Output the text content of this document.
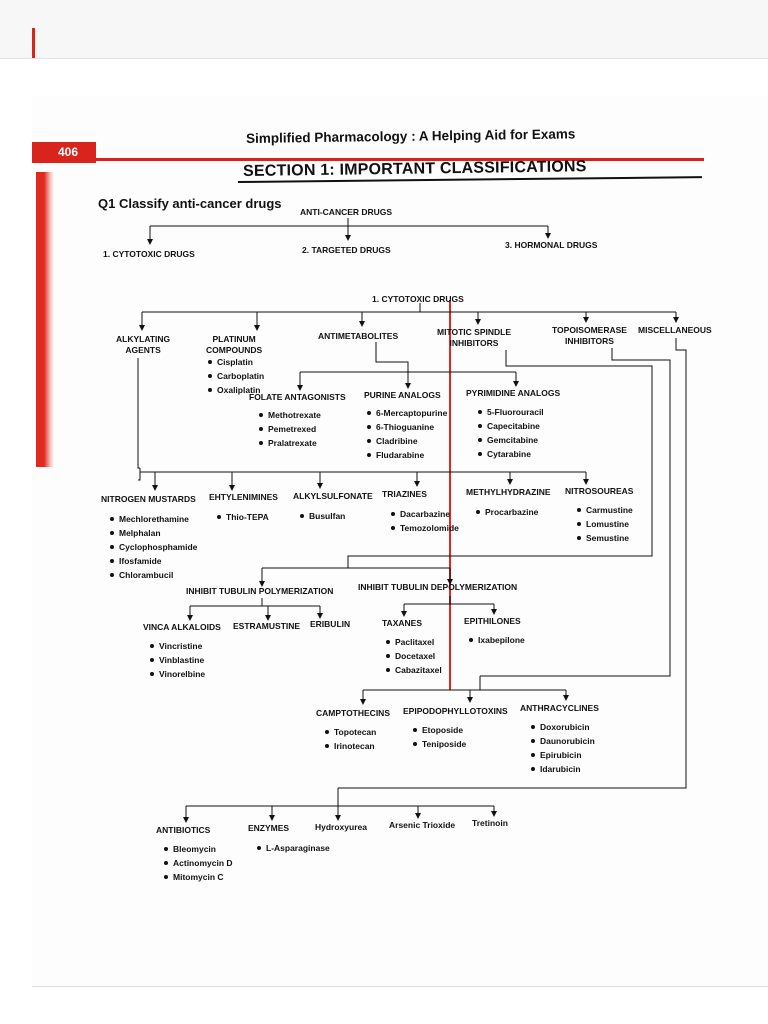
406
Simplified Pharmacology : A Helping Aid for Exams
SECTION 1: IMPORTANT CLASSIFICATIONS
Q1 Classify anti-cancer drugs
ANTI-CANCER DRUGS
1. CYTOTOXIC DRUGS	2. TARGETED DRUGS	3. HORMONAL DRUGS
1. CYTOTOXIC DRUGS
ALKYLATING
AGENTS
PLATINUM
COMPOUNDS
Cisplatin
Carboplatin
Oxaliplatin
ANTIMETABOLITES	MITOTIC SPINDLE
INHIBITORS
TOPOISOMERASE
INHIBITORS
MISCELLANEOUS
FOLATE ANTAGONISTS
Methotrexate
Pemetrexed
Pralatrexate
PURINE ANALOGS
6-Mercaptopurine
6-Thioguanine
Cladribine
Fludarabine
PYRIMIDINE ANALOGS
5-Fluorouracil
Capecitabine
Gemcitabine
Cytarabine
NITROGEN MUSTARDS
Mechlorethamine
Melphalan
Cyclophosphamide
Ifosfamide
Chlorambucil
EHTYLENIMINES
Thio-TEPA
ALKYLSULFONATE
Busulfan
TRIAZINES
Dacarbazine
Temozolomide
METHYLHYDRAZINE
Procarbazine
NITROSOUREAS
Carmustine
Lomustine
Semustine
INHIBIT TUBULIN POLYMERIZATION	INHIBIT TUBULIN DEPOLYMERIZATION
VINCA ALKALOIDS
Vincristine
Vinblastine
Vinorelbine
ESTRAMUSTINE ERIBULIN	TAXANES
Paclitaxel
Docetaxel
Cabazitaxel
EPITHILONES
Ixabepilone
CAMPTOTHECINS
Topotecan
Irinotecan
EPIPODOPHYLLOTOXINS
Etoposide
Teniposide
ANTHRACYCLINES
Doxorubicin
Daunorubicin
Epirubicin
Idarubicin
ANTIBIOTICS
Bleomycin
Actinomycin D
Mitomycin C
ENZYMES
L-Asparaginase
Hydroxyurea	Arsenic Trioxide Tretinoin
